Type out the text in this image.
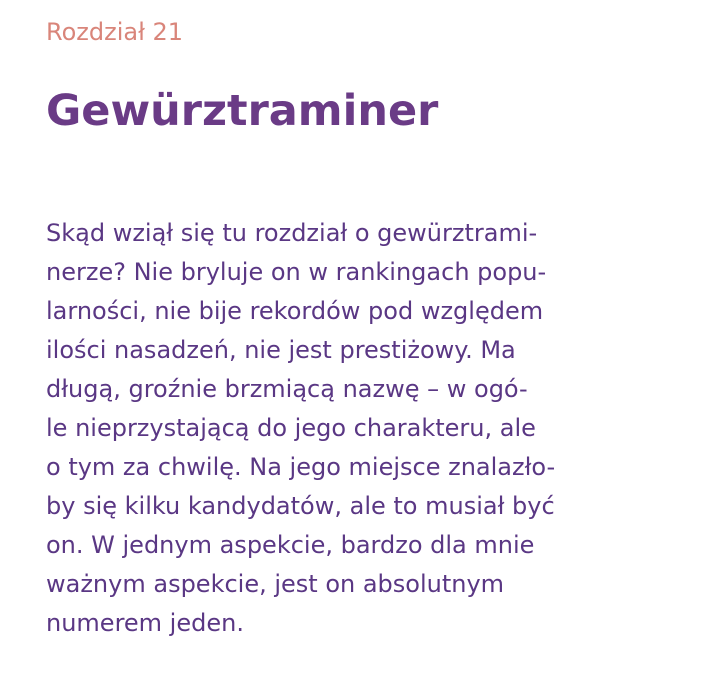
Rozdział 21
Gewürztraminer
Skąd wziął się tu rozdział o gewürztrami-
nerze? Nie bryluje on w rankingach popu-
larności, nie bije rekordów pod względem
ilości nasadzeń, nie jest prestiżowy. Ma
długą, groźnie brzmiącą nazwę – w ogó-
le nieprzystającą do jego charakteru, ale
o tym za chwilę. Na jego miejsce znalazło-
by się kilku kandydatów, ale to musiał być
on. W jednym aspekcie, bardzo dla mnie
ważnym aspekcie, jest on absolutnym
numerem jeden.
